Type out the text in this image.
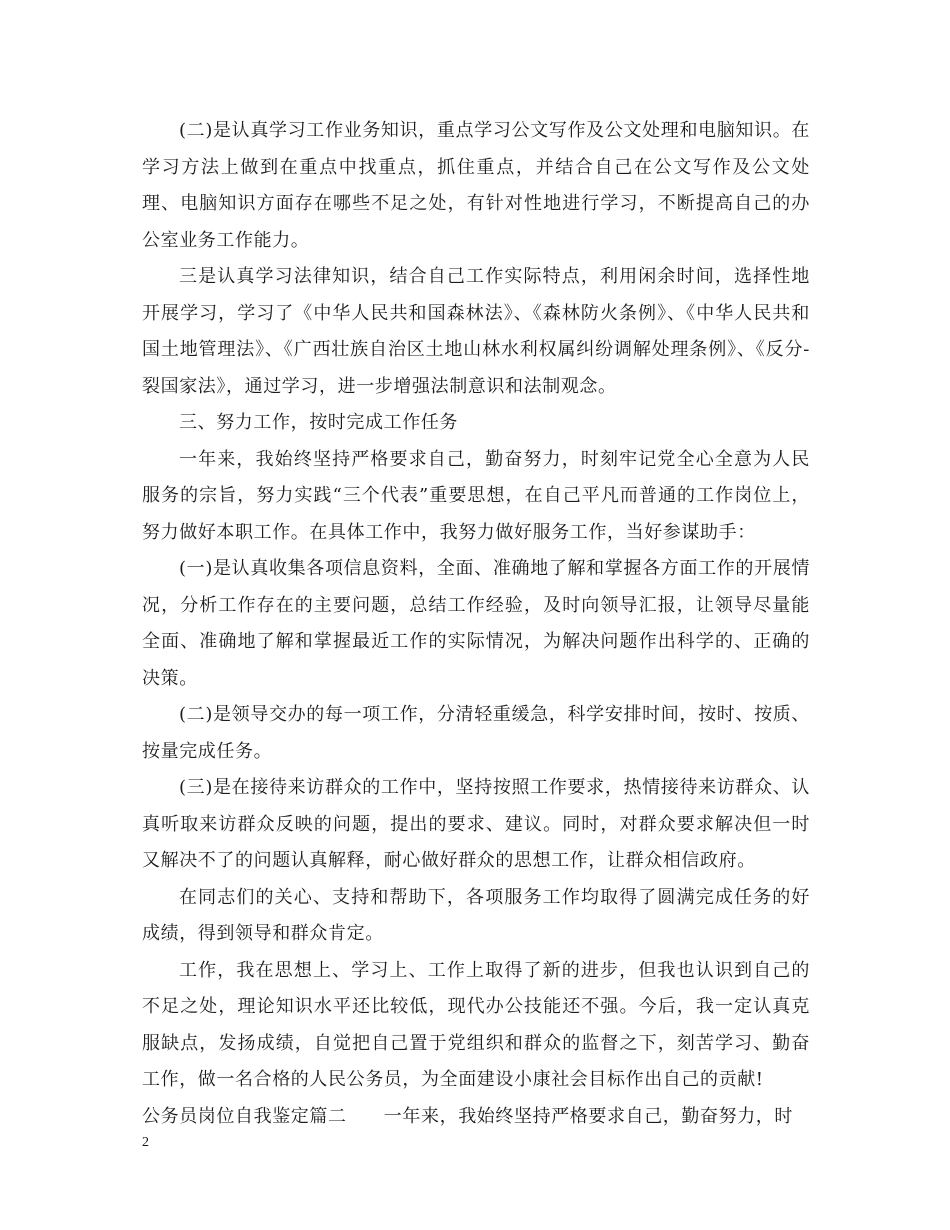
(二)是认真学习工作业务知识，重点学习公文写作及公文处理和电脑知识。在学习方法上做到在重点中找重点，抓住重点，并结合自己在公文写作及公文处理、电脑知识方面存在哪些不足之处，有针对性地进行学习，不断提高自己的办公室业务工作能力。

三是认真学习法律知识，结合自己工作实际特点，利用闲余时间，选择性地开展学习，学习了《中华人民共和国森林法》、《森林防火条例》、《中华人民共和国土地管理法》、《广西壮族自治区土地山林水利权属纠纷调解处理条例》、《反分-裂国家法》，通过学习，进一步增强法制意识和法制观念。

三、努力工作，按时完成工作任务

一年来，我始终坚持严格要求自己，勤奋努力，时刻牢记党全心全意为人民服务的宗旨，努力实践“三个代表”重要思想，在自己平凡而普通的工作岗位上，努力做好本职工作。在具体工作中，我努力做好服务工作，当好参谋助手：

(一)是认真收集各项信息资料，全面、准确地了解和掌握各方面工作的开展情况，分析工作存在的主要问题，总结工作经验，及时向领导汇报，让领导尽量能全面、准确地了解和掌握最近工作的实际情况，为解决问题作出科学的、正确的决策。

(二)是领导交办的每一项工作，分清轻重缓急，科学安排时间，按时、按质、按量完成任务。

(三)是在接待来访群众的工作中，坚持按照工作要求，热情接待来访群众、认真听取来访群众反映的问题，提出的要求、建议。同时，对群众要求解决但一时又解决不了的问题认真解释，耐心做好群众的思想工作，让群众相信政府。

在同志们的关心、支持和帮助下，各项服务工作均取得了圆满完成任务的好成绩，得到领导和群众肯定。

工作，我在思想上、学习上、工作上取得了新的进步，但我也认识到自己的不足之处，理论知识水平还比较低，现代办公技能还不强。今后，我一定认真克服缺点，发扬成绩，自觉把自己置于党组织和群众的监督之下，刻苦学习、勤奋工作，做一名合格的人民公务员，为全面建设小康社会目标作出自己的贡献!

公务员岗位自我鉴定篇二　　一年来，我始终坚持严格要求自己，勤奋努力，时

2
